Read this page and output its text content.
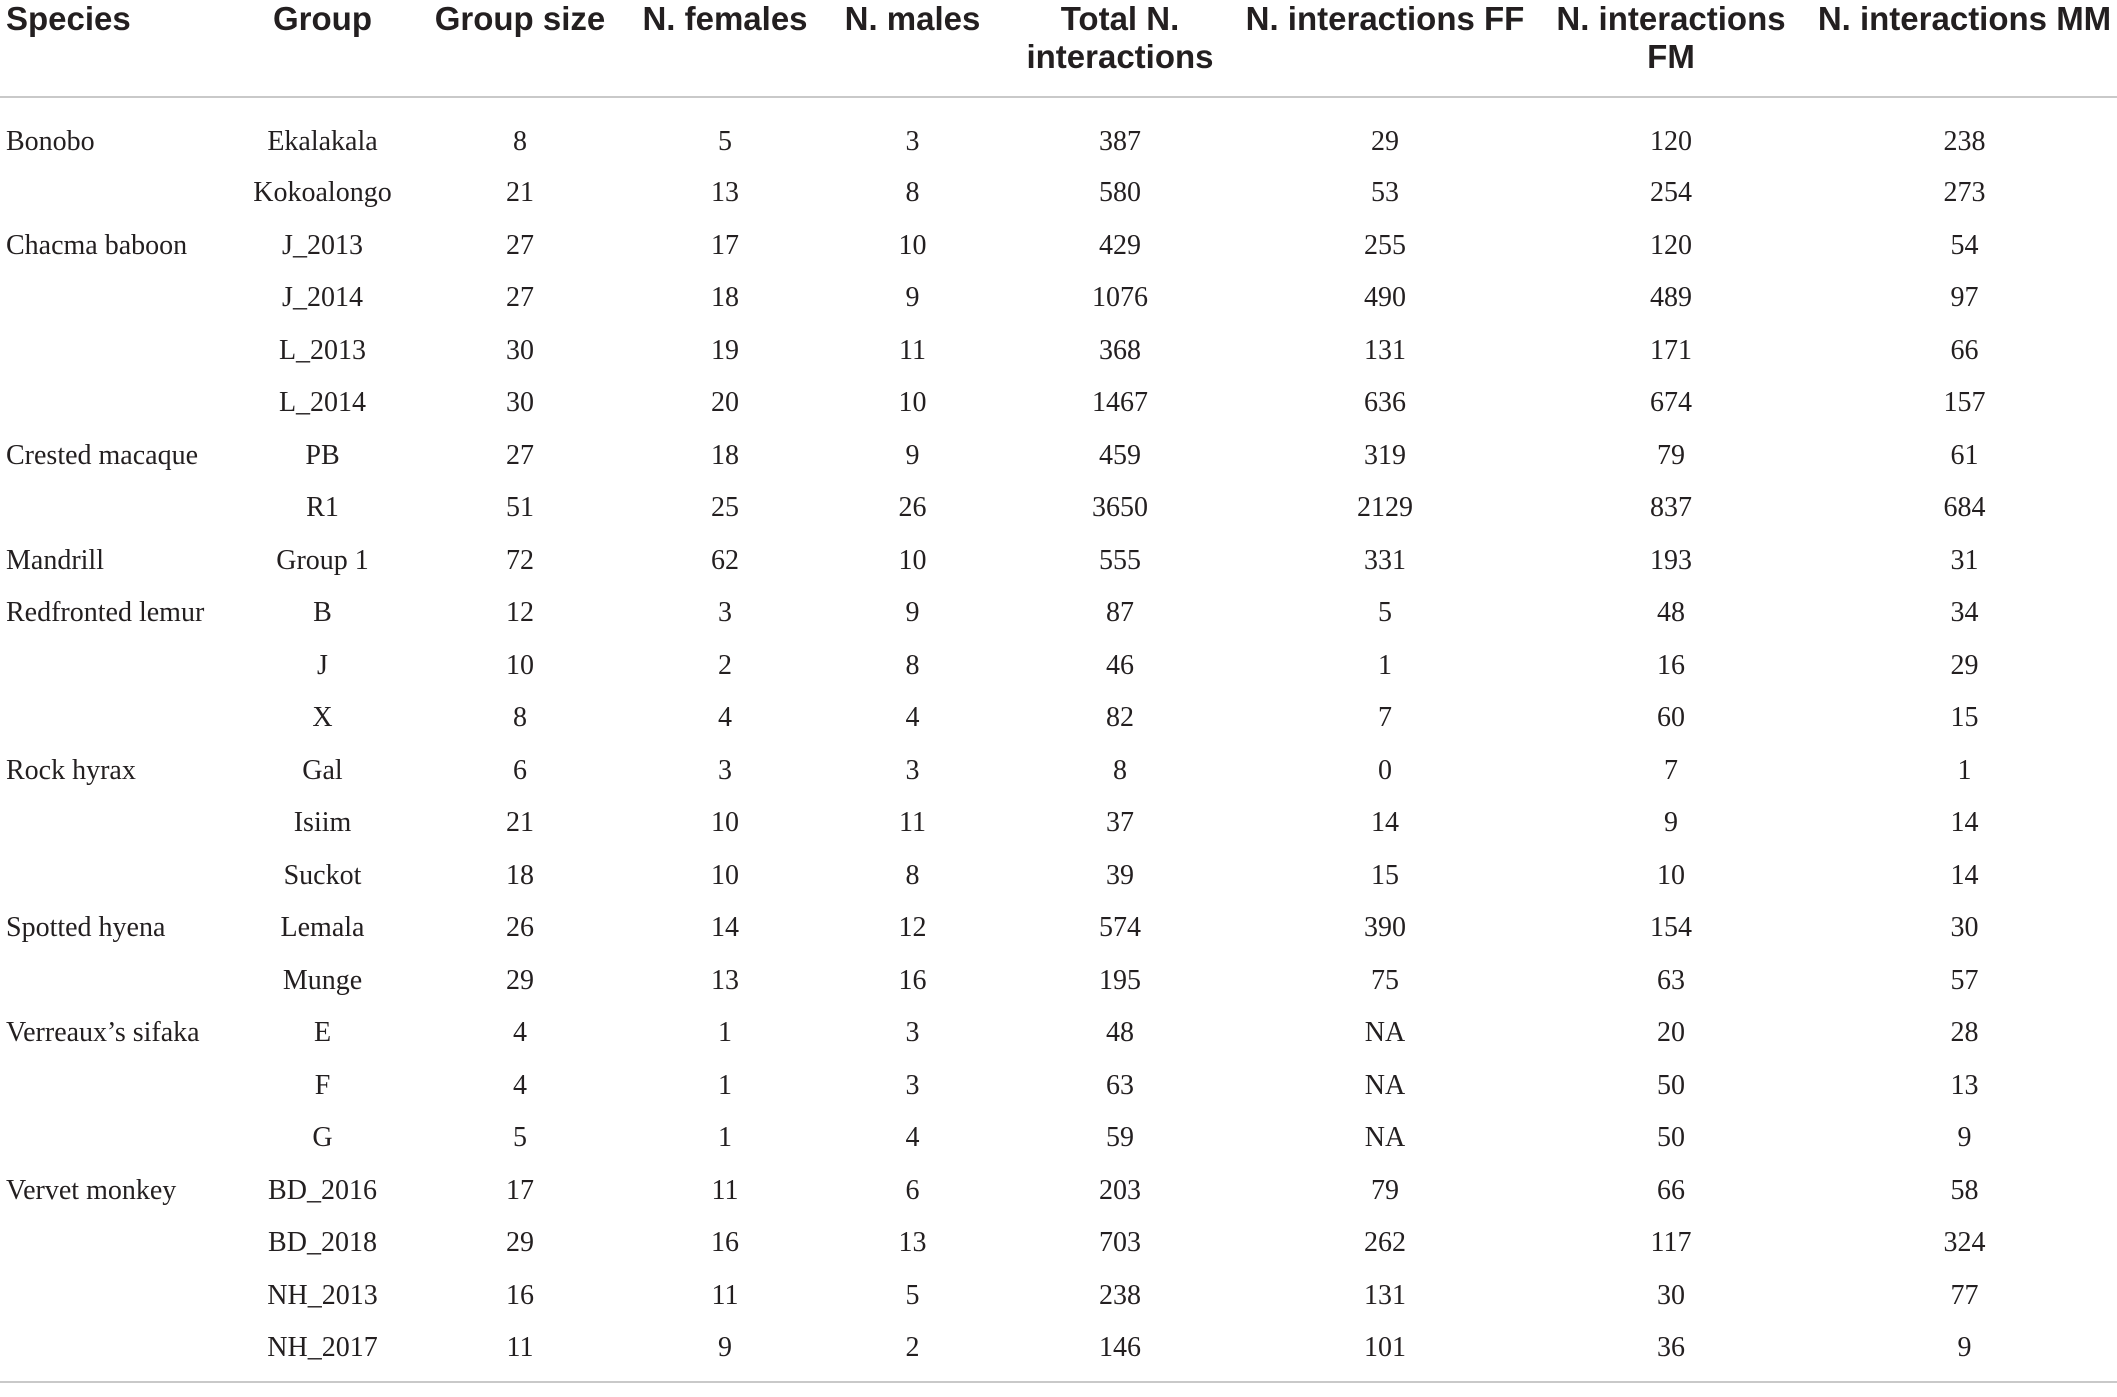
Species	Group	Group size	N. females	N. males	Total N. interactions	N. interactions FF	N. interactions FM	N. interactions MM
Bonobo	Ekalakala	8	5	3	387	29	120	238
	Kokoalongo	21	13	8	580	53	254	273
Chacma baboon	J_2013	27	17	10	429	255	120	54
	J_2014	27	18	9	1076	490	489	97
	L_2013	30	19	11	368	131	171	66
	L_2014	30	20	10	1467	636	674	157
Crested macaque	PB	27	18	9	459	319	79	61
	R1	51	25	26	3650	2129	837	684
Mandrill	Group 1	72	62	10	555	331	193	31
Redfronted lemur	B	12	3	9	87	5	48	34
	J	10	2	8	46	1	16	29
	X	8	4	4	82	7	60	15
Rock hyrax	Gal	6	3	3	8	0	7	1
	Isiim	21	10	11	37	14	9	14
	Suckot	18	10	8	39	15	10	14
Spotted hyena	Lemala	26	14	12	574	390	154	30
	Munge	29	13	16	195	75	63	57
Verreaux’s sifaka	E	4	1	3	48	NA	20	28
	F	4	1	3	63	NA	50	13
	G	5	1	4	59	NA	50	9
Vervet monkey	BD_2016	17	11	6	203	79	66	58
	BD_2018	29	16	13	703	262	117	324
	NH_2013	16	11	5	238	131	30	77
	NH_2017	11	9	2	146	101	36	9
